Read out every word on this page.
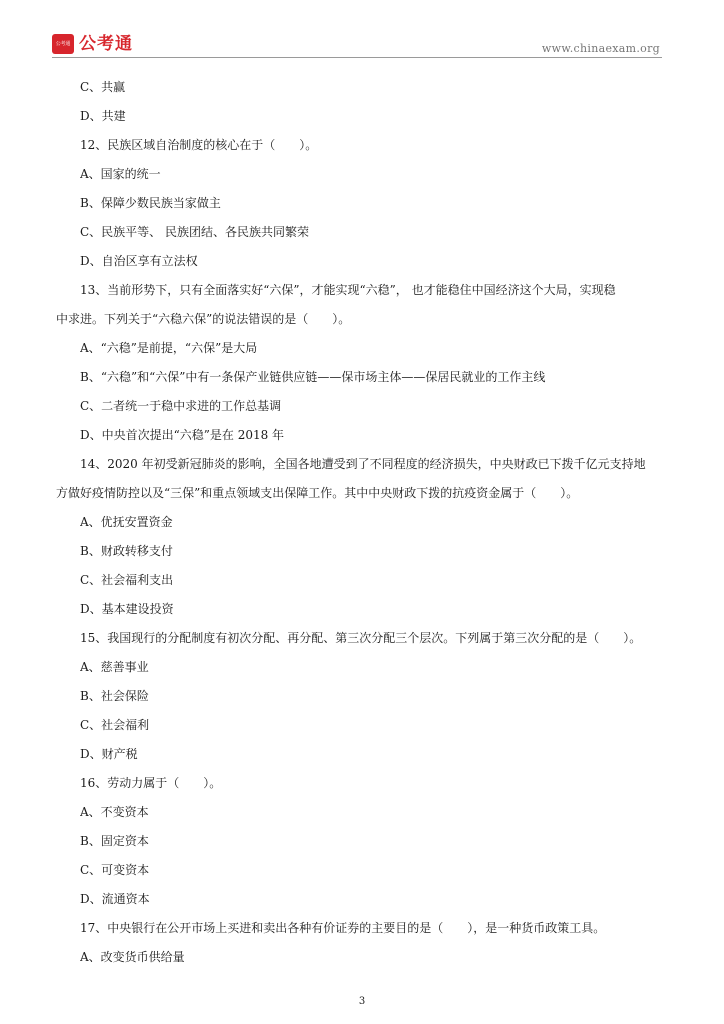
公考通 公考通	www.chinaexam.org
C、共赢
D、共建
12、民族区域自治制度的核心在于（　　）。
A、国家的统一
B、保障少数民族当家做主
C、民族平等、 民族团结、各民族共同繁荣
D、自治区享有立法权
13、当前形势下，只有全面落实好“六保”，才能实现“六稳”， 也才能稳住中国经济这个大局，实现稳
中求进。下列关于“六稳六保”的说法错误的是（　　）。
A、“六稳”是前提，“六保”是大局
B、“六稳”和“六保”中有一条保产业链供应链——保市场主体——保居民就业的工作主线
C、二者统一于稳中求进的工作总基调
D、中央首次提出“六稳”是在 2018 年
14、2020 年初受新冠肺炎的影响，全国各地遭受到了不同程度的经济损失，中央财政已下拨千亿元支持地
方做好疫情防控以及“三保”和重点领域支出保障工作。其中中央财政下拨的抗疫资金属于（　　）。
A、优抚安置资金
B、财政转移支付
C、社会福利支出
D、基本建设投资
15、我国现行的分配制度有初次分配、再分配、第三次分配三个层次。下列属于第三次分配的是（　　）。
A、慈善事业
B、社会保险
C、社会福利
D、财产税
16、劳动力属于（　　）。
A、不变资本
B、固定资本
C、可变资本
D、流通资本
17、中央银行在公开市场上买进和卖出各种有价证券的主要目的是（　　），是一种货币政策工具。
A、改变货币供给量
3
